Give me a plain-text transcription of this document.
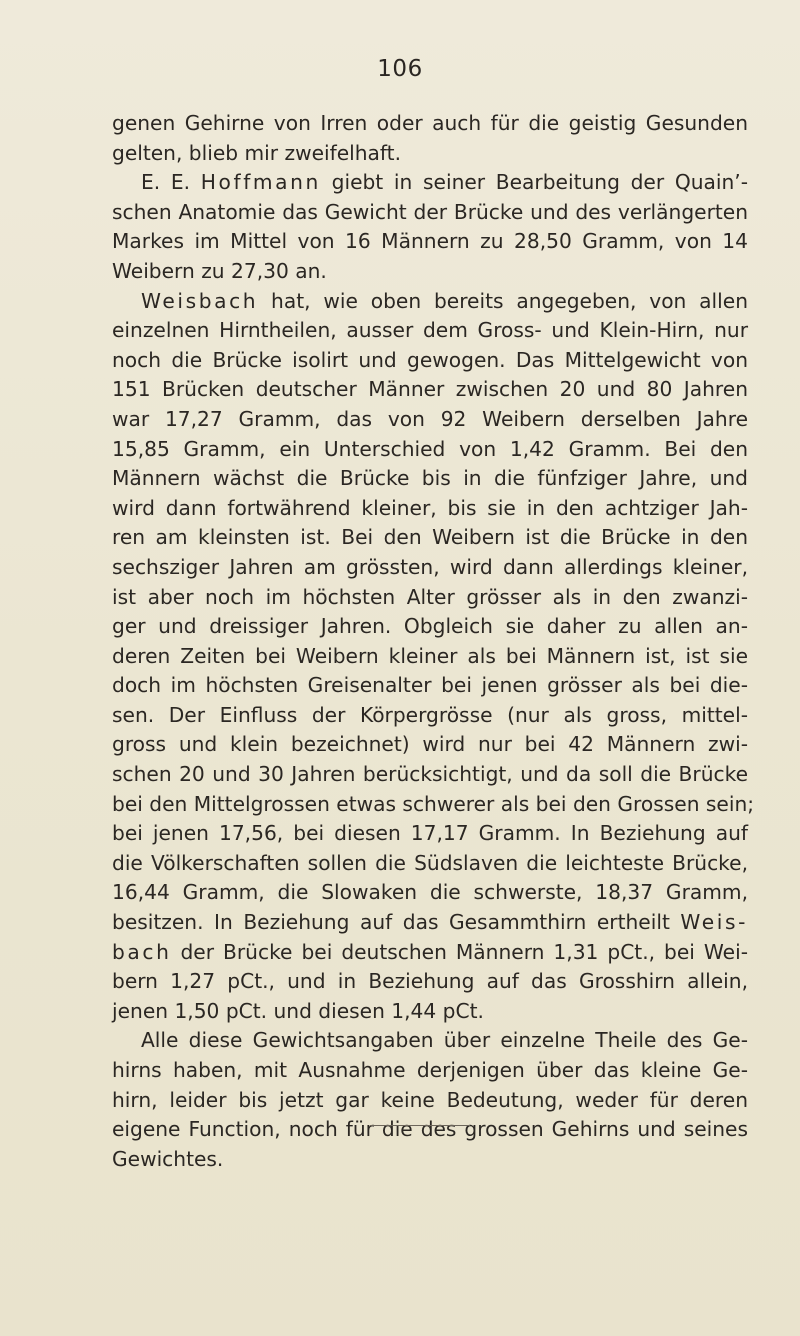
106
genen Gehirne von Irren oder auch für die geistig Gesunden
gelten, blieb mir zweifelhaft.
E. E. Hoffmann giebt in seiner Bearbeitung der Quain’-
schen Anatomie das Gewicht der Brücke und des verlängerten
Markes im Mittel von 16 Männern zu 28,50 Gramm, von 14
Weibern zu 27,30 an.
Weisbach hat, wie oben bereits angegeben, von allen
einzelnen Hirntheilen, ausser dem Gross- und Klein-Hirn, nur
noch die Brücke isolirt und gewogen. Das Mittelgewicht von
151 Brücken deutscher Männer zwischen 20 und 80 Jahren
war 17,27 Gramm, das von 92 Weibern derselben Jahre
15,85 Gramm, ein Unterschied von 1,42 Gramm. Bei den
Männern wächst die Brücke bis in die fünfziger Jahre, und
wird dann fortwährend kleiner, bis sie in den achtziger Jah-
ren am kleinsten ist. Bei den Weibern ist die Brücke in den
sechsziger Jahren am grössten, wird dann allerdings kleiner,
ist aber noch im höchsten Alter grösser als in den zwanzi-
ger und dreissiger Jahren. Obgleich sie daher zu allen an-
deren Zeiten bei Weibern kleiner als bei Männern ist, ist sie
doch im höchsten Greisenalter bei jenen grösser als bei die-
sen. Der Einfluss der Körpergrösse (nur als gross, mittel-
gross und klein bezeichnet) wird nur bei 42 Männern zwi-
schen 20 und 30 Jahren berücksichtigt, und da soll die Brücke
bei den Mittelgrossen etwas schwerer als bei den Grossen sein;
bei jenen 17,56, bei diesen 17,17 Gramm. In Beziehung auf
die Völkerschaften sollen die Südslaven die leichteste Brücke,
16,44 Gramm, die Slowaken die schwerste, 18,37 Gramm,
besitzen. In Beziehung auf das Gesammthirn ertheilt Weis-
bach der Brücke bei deutschen Männern 1,31 pCt., bei Wei-
bern 1,27 pCt., und in Beziehung auf das Grosshirn allein,
jenen 1,50 pCt. und diesen 1,44 pCt.
Alle diese Gewichtsangaben über einzelne Theile des Ge-
hirns haben, mit Ausnahme derjenigen über das kleine Ge-
hirn, leider bis jetzt gar keine Bedeutung, weder für deren
eigene Function, noch für die des grossen Gehirns und seines
Gewichtes.
